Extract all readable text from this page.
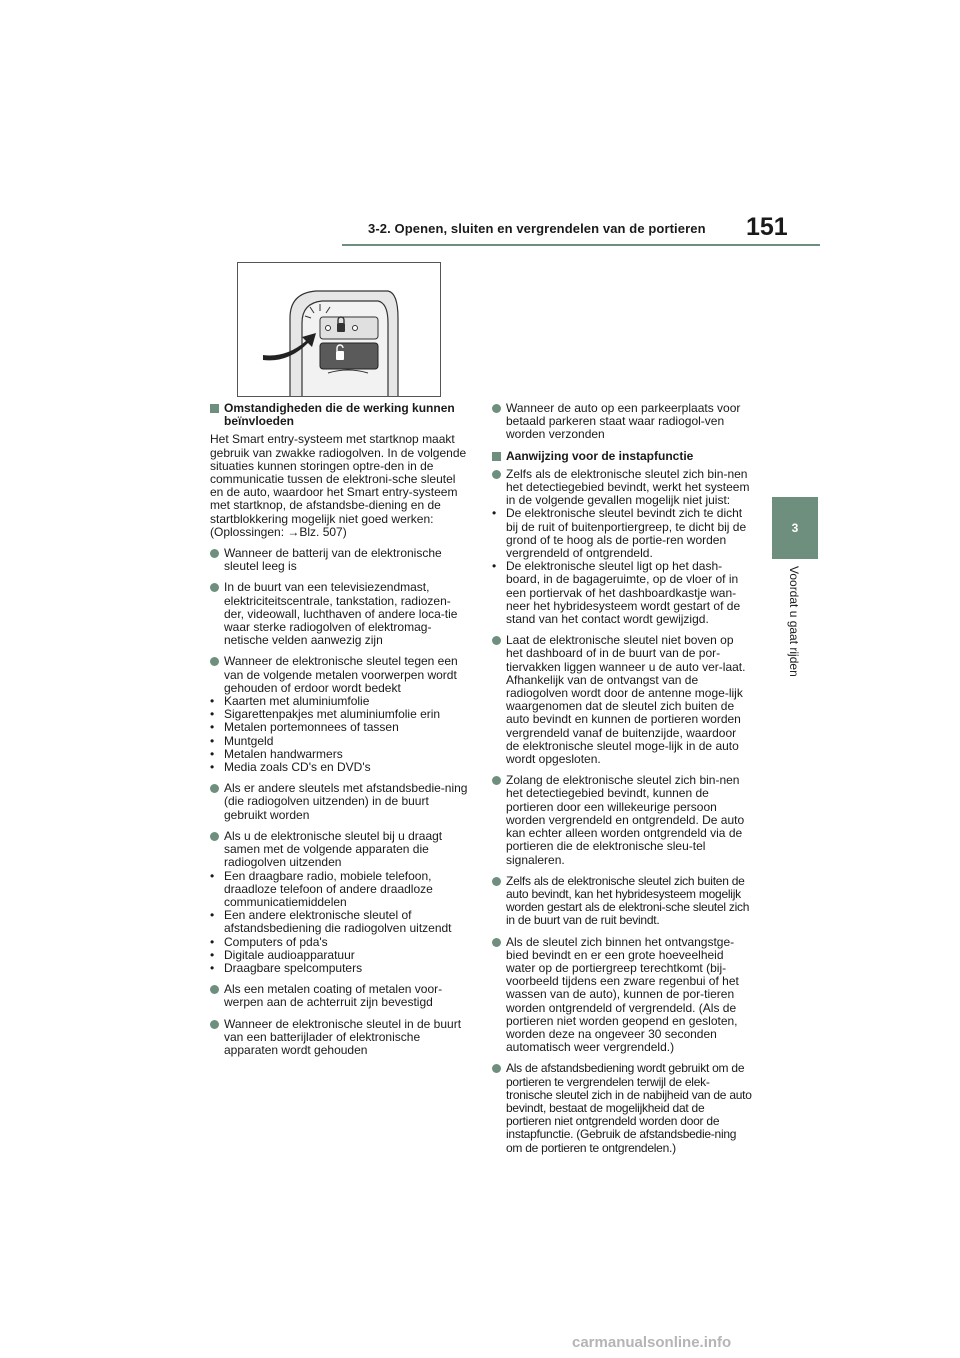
3-2. Openen, sluiten en vergrendelen van de portieren 151
3
Voordat u gaat rijden
Omstandigheden die de werking kunnen beïnvloeden

Het Smart entry-systeem met startknop maakt gebruik van zwakke radiogolven. In de volgende situaties kunnen storingen optre-den in de communicatie tussen de elektroni-sche sleutel en de auto, waardoor het Smart entry-systeem met startknop, de afstandsbe-diening en de startblokkering mogelijk niet goed werken: (Oplossingen: →Blz. 507)

Wanneer de batterij van de elektronische sleutel leeg is
In de buurt van een televisiezendmast, elektriciteitscentrale, tankstation, radiozen-der, videowall, luchthaven of andere loca-tie waar sterke radiogolven of elektromag-netische velden aanwezig zijn
Wanneer de elektronische sleutel tegen een van de volgende metalen voorwerpen wordt gehouden of erdoor wordt bedekt
• Kaarten met aluminiumfolie
• Sigarettenpakjes met aluminiumfolie erin
• Metalen portemonnees of tassen
• Muntgeld
• Metalen handwarmers
• Media zoals CD's en DVD's
Als er andere sleutels met afstandsbedie-ning (die radiogolven uitzenden) in de buurt gebruikt worden
Als u de elektronische sleutel bij u draagt samen met de volgende apparaten die radiogolven uitzenden
• Een draagbare radio, mobiele telefoon, draadloze telefoon of andere draadloze communicatiemiddelen
• Een andere elektronische sleutel of afstandsbediening die radiogolven uitzendt
• Computers of pda's
• Digitale audioapparatuur
• Draagbare spelcomputers
Als een metalen coating of metalen voor-werpen aan de achterruit zijn bevestigd
Wanneer de elektronische sleutel in de buurt van een batterijlader of elektronische apparaten wordt gehouden
Wanneer de auto op een parkeerplaats voor betaald parkeren staat waar radiogol-ven worden verzonden
Aanwijzing voor de instapfunctie
Zelfs als de elektronische sleutel zich bin-nen het detectiegebied bevindt, werkt het systeem in de volgende gevallen mogelijk niet juist:
• De elektronische sleutel bevindt zich te dicht bij de ruit of buitenportiergreep, te dicht bij de grond of te hoog als de portie-ren worden vergrendeld of ontgrendeld.
• De elektronische sleutel ligt op het dash-board, in de bagageruimte, op de vloer of in een portiervak of het dashboardkastje wan-neer het hybridesysteem wordt gestart of de stand van het contact wordt gewijzigd.
Laat de elektronische sleutel niet boven op het dashboard of in de buurt van de por-tiervakken liggen wanneer u de auto ver-laat. Afhankelijk van de ontvangst van de radiogolven wordt door de antenne moge-lijk waargenomen dat de sleutel zich buiten de auto bevindt en kunnen de portieren worden vergrendeld vanaf de buitenzijde, waardoor de elektronische sleutel moge-lijk in de auto wordt opgesloten.
Zolang de elektronische sleutel zich bin-nen het detectiegebied bevindt, kunnen de portieren door een willekeurige persoon worden vergrendeld en ontgrendeld. De auto kan echter alleen worden ontgrendeld via de portieren die de elektronische sleu-tel signaleren.
Zelfs als de elektronische sleutel zich buiten de auto bevindt, kan het hybridesysteem mogelijk worden gestart als de elektroni-sche sleutel zich in de buurt van de ruit bevindt.
Als de sleutel zich binnen het ontvangstge-bied bevindt en er een grote hoeveelheid water op de portiergreep terechtkomt (bij-voorbeeld tijdens een zware regenbui of het wassen van de auto), kunnen de por-tieren worden ontgrendeld of vergrendeld. (Als de portieren niet worden geopend en gesloten, worden deze na ongeveer 30 seconden automatisch weer vergrendeld.)
Als de afstandsbediening wordt gebruikt om de portieren te vergrendelen terwijl de elek-tronische sleutel zich in de nabijheid van de auto bevindt, bestaat de mogelijkheid dat de portieren niet ontgrendeld worden door de instapfunctie. (Gebruik de afstandsbedie-ning om de portieren te ontgrendelen.)
carmanualsonline.info
